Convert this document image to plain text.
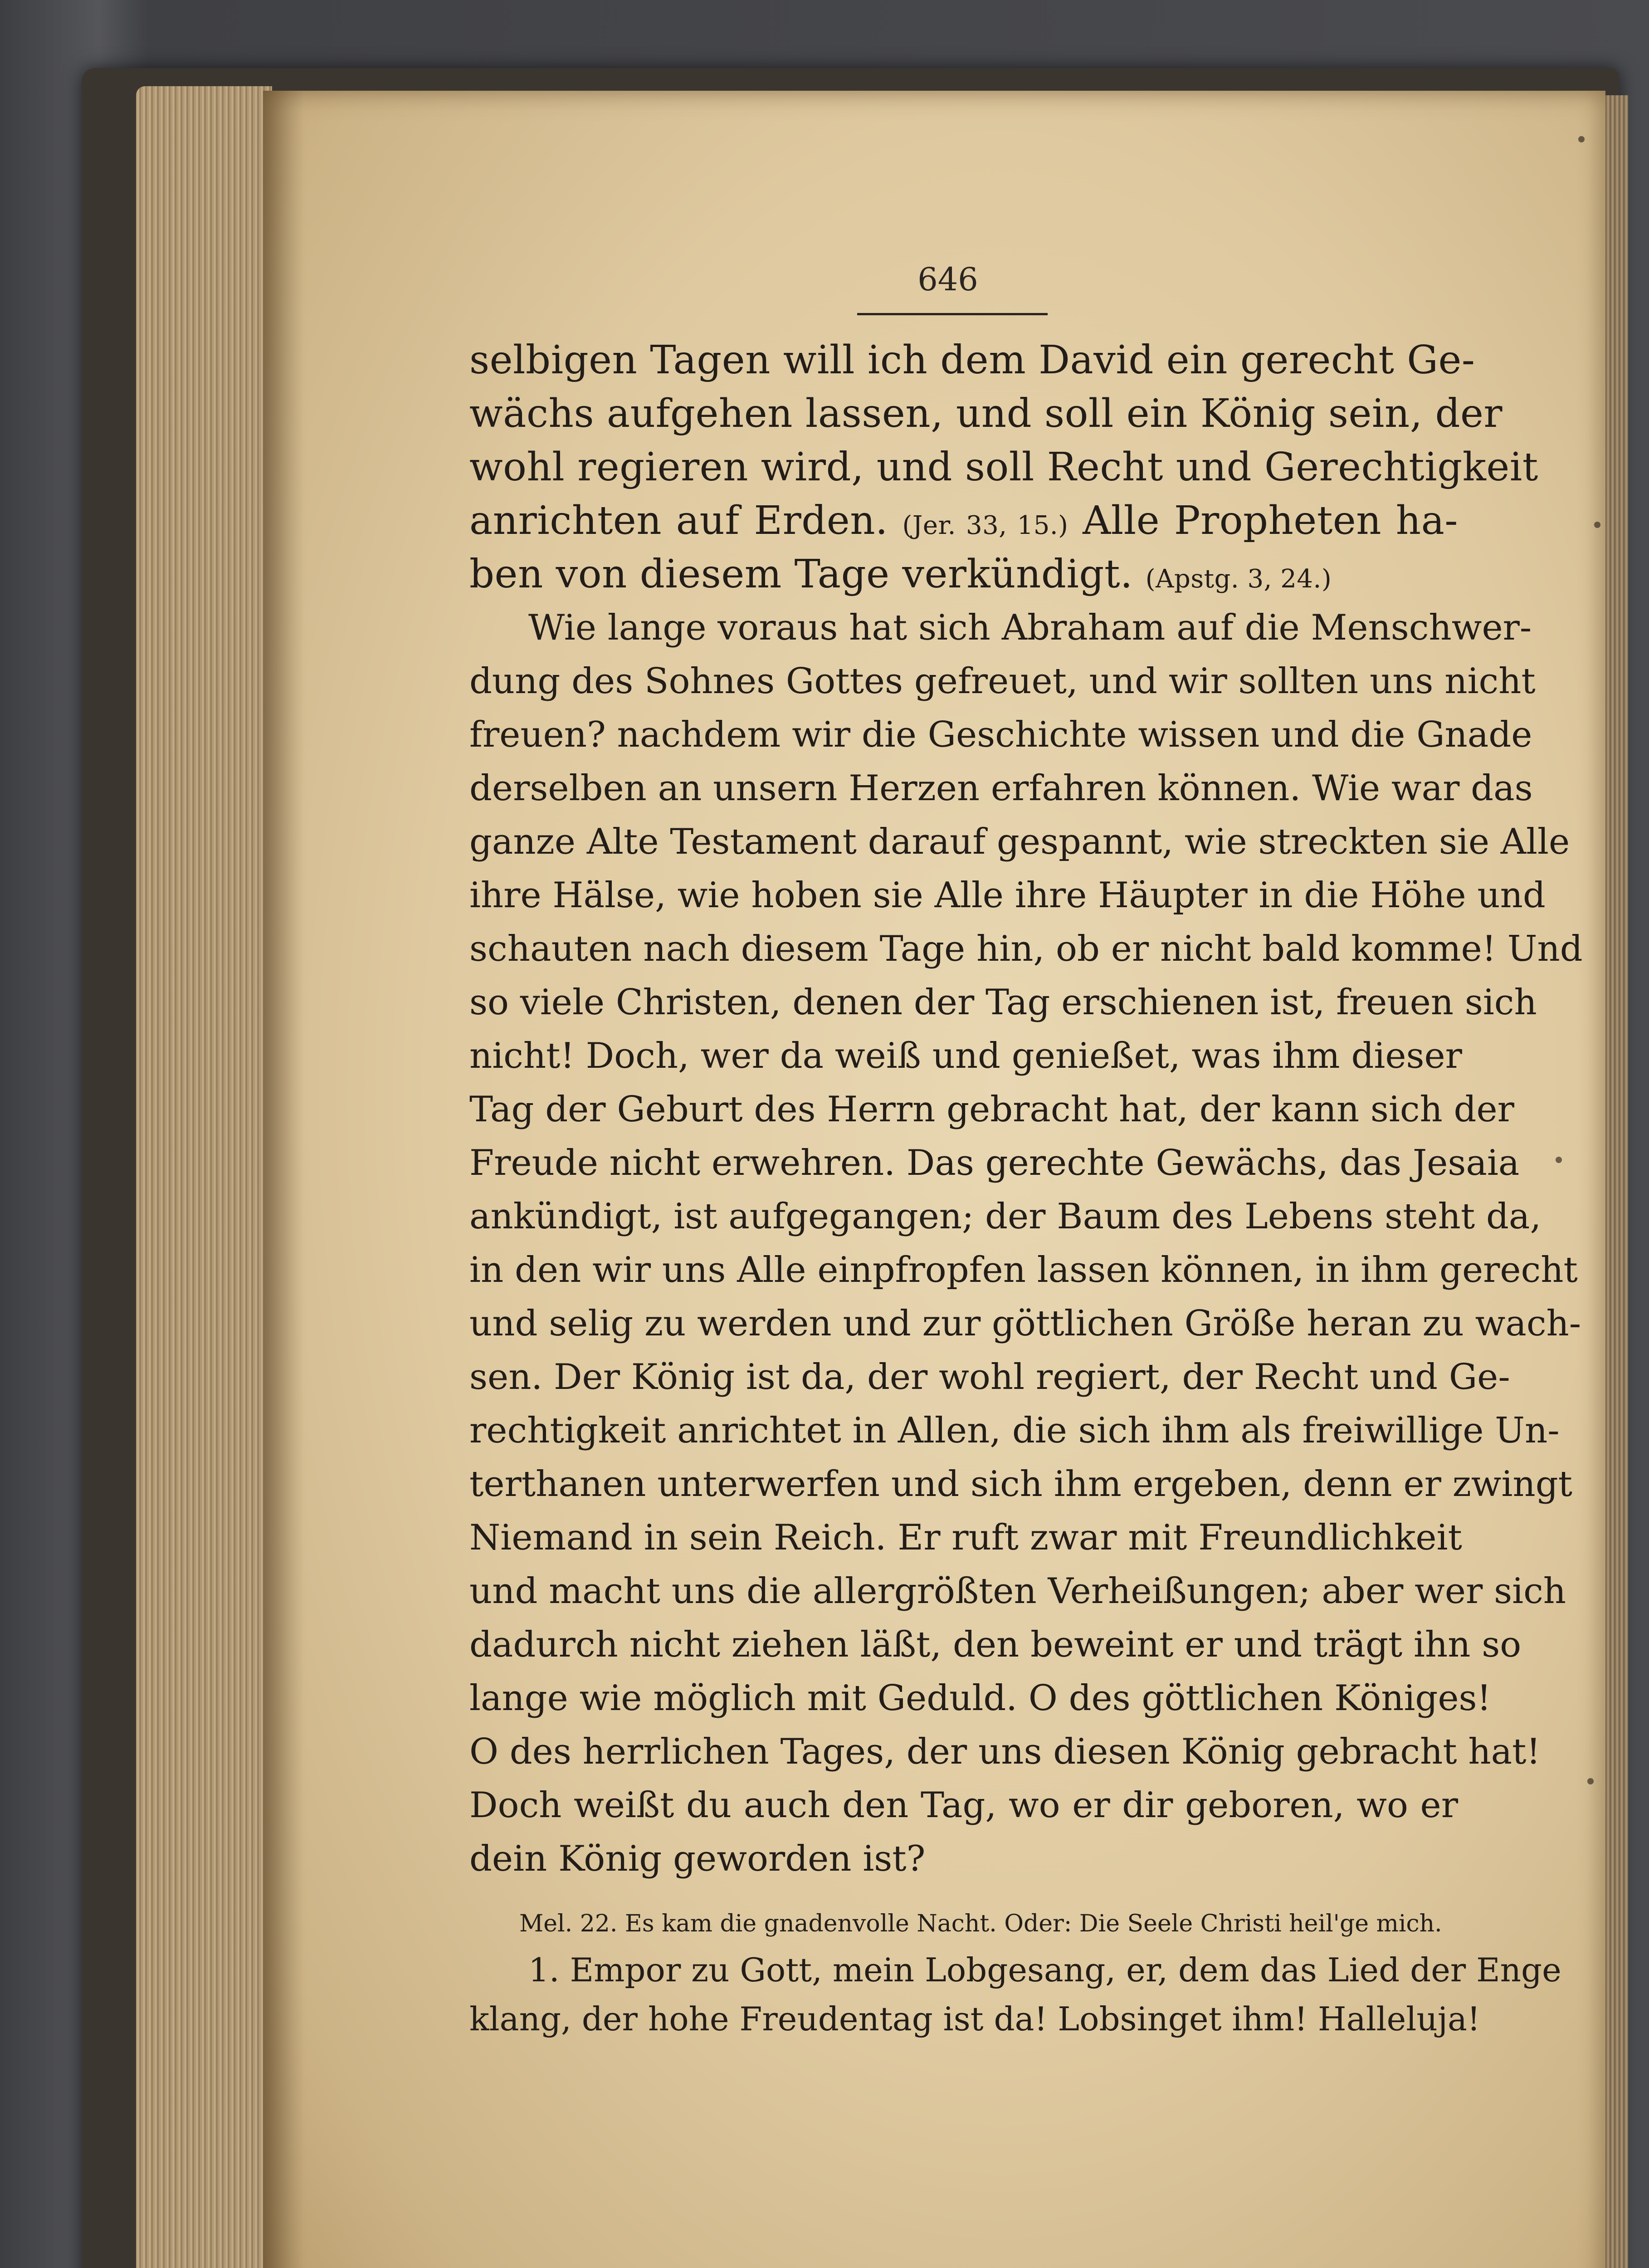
646
selbigen Tagen will ich dem David ein gerecht Ge-
wächs aufgehen lassen, und soll ein König sein, der
wohl regieren wird, und soll Recht und Gerechtigkeit
anrichten auf Erden. (Jer. 33, 15.) Alle Propheten ha-
ben von diesem Tage verkündigt. (Apstg. 3, 24.)
Wie lange voraus hat sich Abraham auf die Menschwer-
dung des Sohnes Gottes gefreuet, und wir sollten uns nicht
freuen? nachdem wir die Geschichte wissen und die Gnade
derselben an unsern Herzen erfahren können. Wie war das
ganze Alte Testament darauf gespannt, wie streckten sie Alle
ihre Hälse, wie hoben sie Alle ihre Häupter in die Höhe und
schauten nach diesem Tage hin, ob er nicht bald komme! Und
so viele Christen, denen der Tag erschienen ist, freuen sich
nicht! Doch, wer da weiß und genießet, was ihm dieser
Tag der Geburt des Herrn gebracht hat, der kann sich der
Freude nicht erwehren. Das gerechte Gewächs, das Jesaia
ankündigt, ist aufgegangen; der Baum des Lebens steht da,
in den wir uns Alle einpfropfen lassen können, in ihm gerecht
und selig zu werden und zur göttlichen Größe heran zu wach-
sen. Der König ist da, der wohl regiert, der Recht und Ge-
rechtigkeit anrichtet in Allen, die sich ihm als freiwillige Un-
terthanen unterwerfen und sich ihm ergeben, denn er zwingt
Niemand in sein Reich. Er ruft zwar mit Freundlichkeit
und macht uns die allergrößten Verheißungen; aber wer sich
dadurch nicht ziehen läßt, den beweint er und trägt ihn so
lange wie möglich mit Geduld. O des göttlichen Königes!
O des herrlichen Tages, der uns diesen König gebracht hat!
Doch weißt du auch den Tag, wo er dir geboren, wo er
dein König geworden ist?
Mel. 22. Es kam die gnadenvolle Nacht. Oder: Die Seele Christi heil'ge mich.
1. Empor zu Gott, mein Lobgesang, er, dem das Lied der Enge
klang, der hohe Freudentag ist da! Lobsinget ihm! Halleluja!
